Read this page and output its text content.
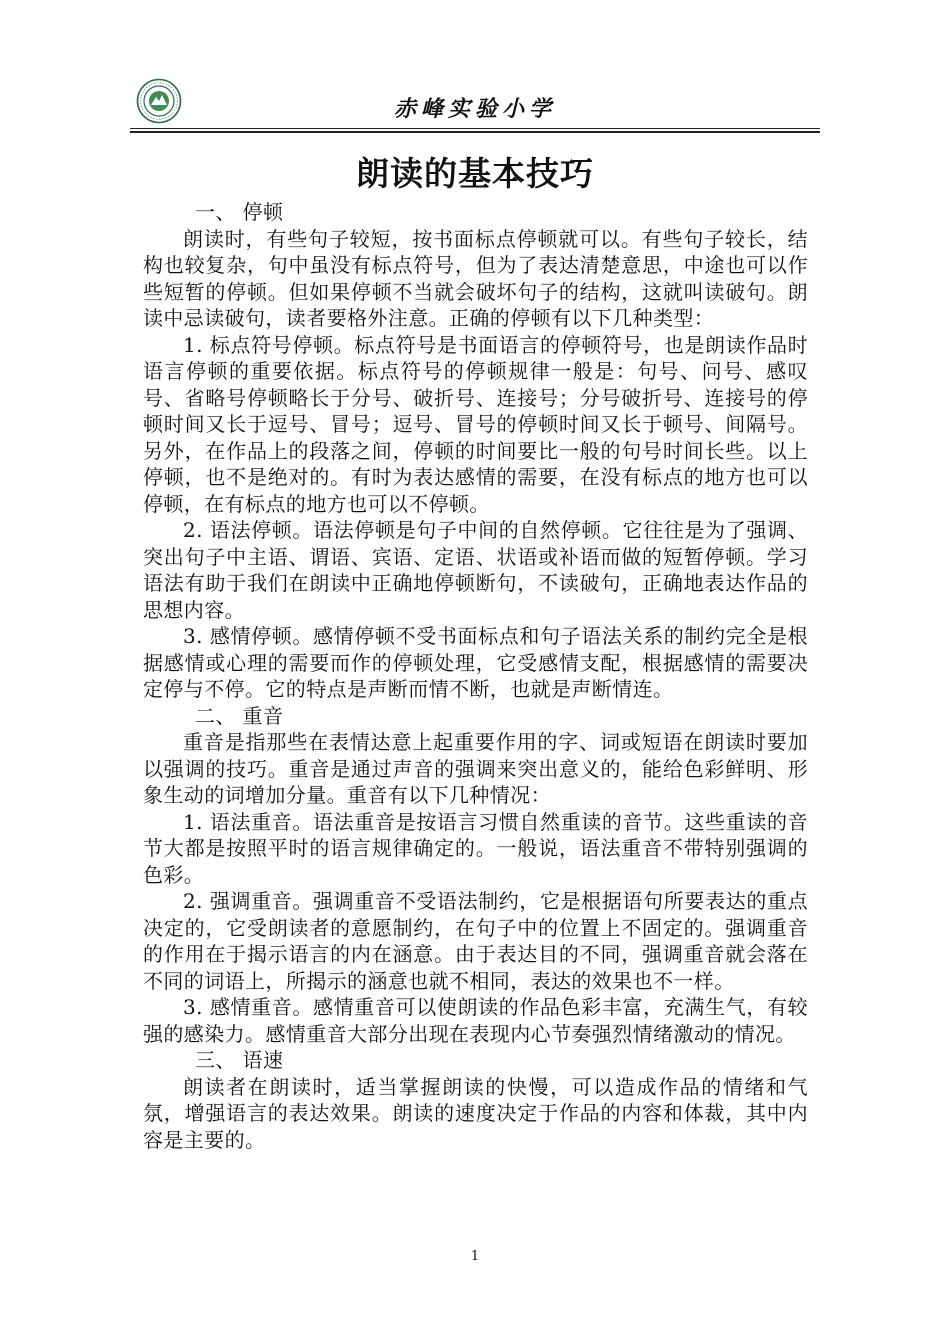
赤峰实验小学
朗读的基本技巧

一、 停顿

朗读时，有些句子较短，按书面标点停顿就可以。有些句子较长，结构也较复杂，句中虽没有标点符号，但为了表达清楚意思，中途也可以作些短暂的停顿。但如果停顿不当就会破坏句子的结构，这就叫读破句。朗读中忌读破句，读者要格外注意。正确的停顿有以下几种类型：

1. 标点符号停顿。标点符号是书面语言的停顿符号，也是朗读作品时语言停顿的重要依据。标点符号的停顿规律一般是：句号、问号、感叹号、省略号停顿略长于分号、破折号、连接号；分号破折号、连接号的停顿时间又长于逗号、冒号；逗号、冒号的停顿时间又长于顿号、间隔号。另外，在作品上的段落之间，停顿的时间要比一般的句号时间长些。以上停顿，也不是绝对的。有时为表达感情的需要，在没有标点的地方也可以停顿，在有标点的地方也可以不停顿。

2. 语法停顿。语法停顿是句子中间的自然停顿。它往往是为了强调、突出句子中主语、谓语、宾语、定语、状语或补语而做的短暂停顿。学习语法有助于我们在朗读中正确地停顿断句，不读破句，正确地表达作品的思想内容。

3. 感情停顿。感情停顿不受书面标点和句子语法关系的制约完全是根据感情或心理的需要而作的停顿处理，它受感情支配，根据感情的需要决定停与不停。它的特点是声断而情不断，也就是声断情连。

二、 重音

重音是指那些在表情达意上起重要作用的字、词或短语在朗读时要加以强调的技巧。重音是通过声音的强调来突出意义的，能给色彩鲜明、形象生动的词增加分量。重音有以下几种情况：

1. 语法重音。语法重音是按语言习惯自然重读的音节。这些重读的音节大都是按照平时的语言规律确定的。一般说，语法重音不带特别强调的色彩。

2. 强调重音。强调重音不受语法制约，它是根据语句所要表达的重点决定的，它受朗读者的意愿制约，在句子中的位置上不固定的。强调重音的作用在于揭示语言的内在涵意。由于表达目的不同，强调重音就会落在不同的词语上，所揭示的涵意也就不相同，表达的效果也不一样。

3. 感情重音。感情重音可以使朗读的作品色彩丰富，充满生气，有较强的感染力。感情重音大部分出现在表现内心节奏强烈情绪激动的情况。

三、 语速

朗读者在朗读时，适当掌握朗读的快慢，可以造成作品的情绪和气氛，增强语言的表达效果。朗读的速度决定于作品的内容和体裁，其中内容是主要的。

1
